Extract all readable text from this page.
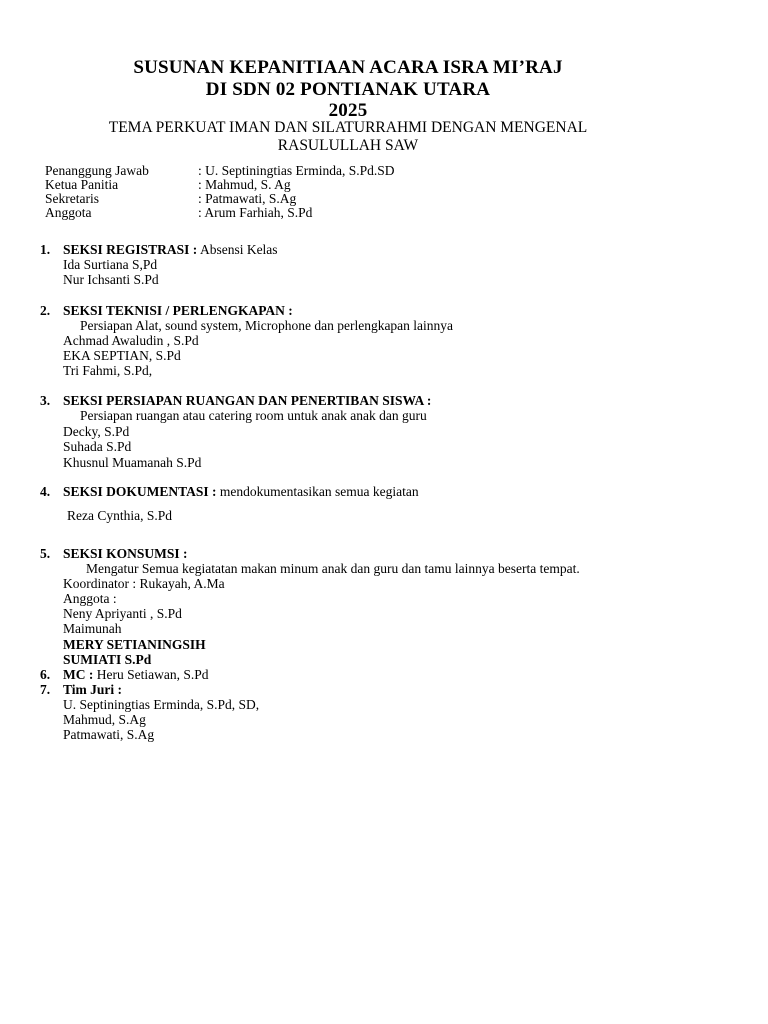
SUSUNAN KEPANITIAAN ACARA ISRA MI’RAJ
DI SDN 02 PONTIANAK UTARA
2025
TEMA PERKUAT IMAN DAN SILATURRAHMI DENGAN MENGENAL
RASULULLAH SAW
Penanggung Jawab	: U. Septiningtias Erminda, S.Pd.SD
Ketua Panitia	: Mahmud, S. Ag
Sekretaris	: Patmawati, S.Ag
Anggota	: Arum Farhiah, S.Pd
1. SEKSI REGISTRASI : Absensi Kelas
Ida Surtiana S,Pd
Nur Ichsanti S.Pd
2. SEKSI TEKNISI / PERLENGKAPAN :
Persiapan Alat, sound system, Microphone dan perlengkapan lainnya
Achmad Awaludin , S.Pd
EKA SEPTIAN, S.Pd
Tri Fahmi, S.Pd,
3. SEKSI PERSIAPAN RUANGAN DAN PENERTIBAN SISWA :
Persiapan ruangan atau catering room untuk anak anak dan guru
Decky, S.Pd
Suhada S.Pd
Khusnul Muamanah S.Pd
4. SEKSI DOKUMENTASI : mendokumentasikan semua kegiatan
Reza Cynthia, S.Pd
5. SEKSI KONSUMSI :
Mengatur Semua kegiatatan makan minum anak dan guru dan tamu lainnya beserta tempat.
Koordinator : Rukayah, A.Ma
Anggota :
Neny Apriyanti , S.Pd
Maimunah
MERY SETIANINGSIH
SUMIATI S.Pd
6. MC : Heru Setiawan, S.Pd
7. Tim Juri :
U. Septiningtias Erminda, S.Pd, SD,
Mahmud, S.Ag
Patmawati, S.Ag
